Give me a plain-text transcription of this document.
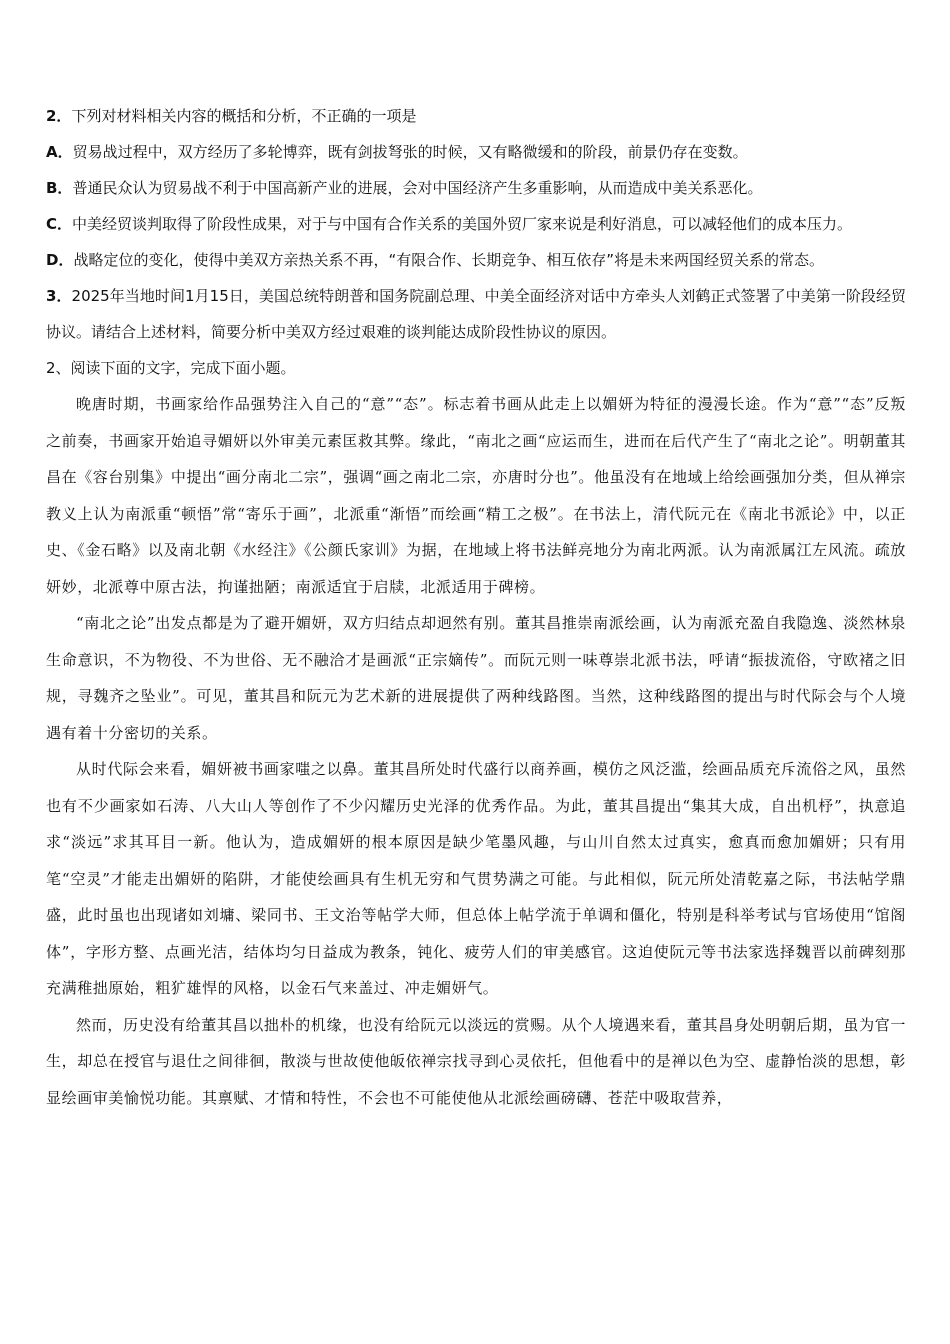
2．下列对材料相关内容的概括和分析，不正确的一项是

A．贸易战过程中，双方经历了多轮博弈，既有剑拔弩张的时候，又有略微缓和的阶段，前景仍存在变数。

B．普通民众认为贸易战不利于中国高新产业的进展，会对中国经济产生多重影响，从而造成中美关系恶化。

C．中美经贸谈判取得了阶段性成果，对于与中国有合作关系的美国外贸厂家来说是利好消息，可以减轻他们的成本压力。

D．战略定位的变化，使得中美双方亲热关系不再，“有限合作、长期竞争、相互依存”将是未来两国经贸关系的常态。

3．2025年当地时间1月15日，美国总统特朗普和国务院副总理、中美全面经济对话中方牵头人刘鹤正式签署了中美第一阶段经贸协议。请结合上述材料，简要分析中美双方经过艰难的谈判能达成阶段性协议的原因。

2、阅读下面的文字，完成下面小题。

晚唐时期，书画家给作品强势注入自己的“意”“态”。标志着书画从此走上以媚妍为特征的漫漫长途。作为“意”“态”反叛之前奏，书画家开始追寻媚妍以外审美元素匡救其弊。缘此，“南北之画“应运而生，进而在后代产生了“南北之论”。明朝董其昌在《容台别集》中提出“画分南北二宗”，强调“画之南北二宗，亦唐时分也”。他虽没有在地域上给绘画强加分类，但从禅宗教义上认为南派重“顿悟”常“寄乐于画”，北派重“渐悟”而绘画“精工之极”。在书法上，清代阮元在《南北书派论》中，以正史、《金石略》以及南北朝《水经注》《公颜氏家训》为据，在地域上将书法鲜亮地分为南北两派。认为南派属江左风流。疏放妍妙，北派尊中原古法，拘谨拙陋；南派适宜于启牍，北派适用于碑榜。

“南北之论”出发点都是为了避开媚妍，双方归结点却迥然有别。董其昌推崇南派绘画，认为南派充盈自我隐逸、淡然林泉生命意识，不为物役、不为世俗、无不融洽才是画派“正宗嫡传”。而阮元则一味尊崇北派书法，呼请“振拔流俗，守欧褚之旧规，寻魏齐之坠业”。可见，董其昌和阮元为艺术新的进展提供了两种线路图。当然，这种线路图的提出与时代际会与个人境遇有着十分密切的关系。

从时代际会来看，媚妍被书画家嗤之以鼻。董其昌所处时代盛行以商养画，模仿之风泛滥，绘画品质充斥流俗之风，虽然也有不少画家如石涛、八大山人等创作了不少闪耀历史光泽的优秀作品。为此，董其昌提出“集其大成，自出机杼”，执意追求“淡远”求其耳目一新。他认为，造成媚妍的根本原因是缺少笔墨风趣，与山川自然太过真实，愈真而愈加媚妍；只有用笔“空灵”才能走出媚妍的陷阱，才能使绘画具有生机无穷和气贯势满之可能。与此相似，阮元所处清乾嘉之际，书法帖学鼎盛，此时虽也出现诸如刘墉、梁同书、王文治等帖学大师，但总体上帖学流于单调和僵化，特别是科举考试与官场使用“馆阁体”，字形方整、点画光洁，结体均匀日益成为教条，钝化、疲劳人们的审美感官。这迫使阮元等书法家选择魏晋以前碑刻那充满稚拙原始，粗犷雄悍的风格，以金石气来盖过、冲走媚妍气。

然而，历史没有给董其昌以拙朴的机缘，也没有给阮元以淡远的赏赐。从个人境遇来看，董其昌身处明朝后期，虽为官一生，却总在授官与退仕之间徘徊，散淡与世故使他皈依禅宗找寻到心灵依托，但他看中的是禅以色为空、虚静怡淡的思想，彰显绘画审美愉悦功能。其禀赋、才情和特性，不会也不可能使他从北派绘画磅礴、苍茫中吸取营养，
